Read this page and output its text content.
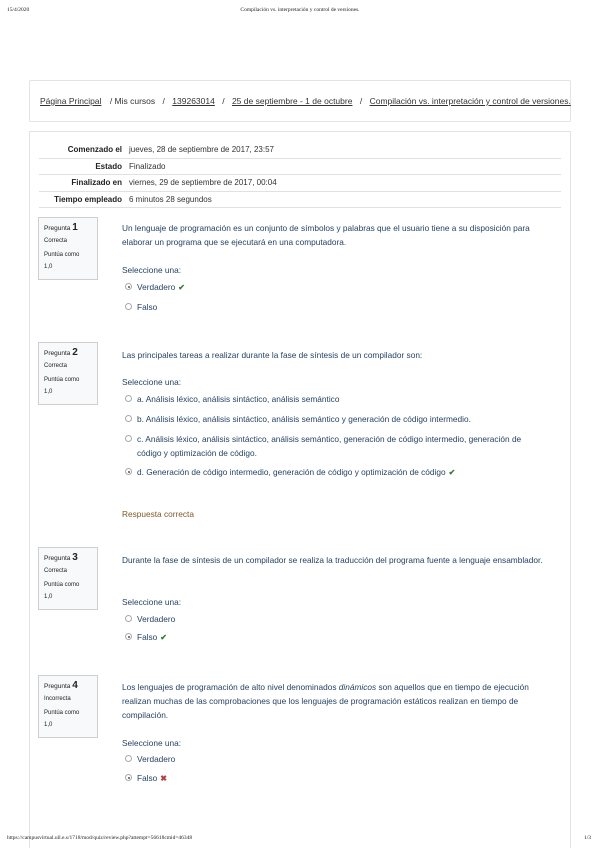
15/4/2020	Compilación vs. interpretación y control de versiones.
Página Principal / Mis cursos / 139263014 / 25 de septiembre - 1 de octubre / Compilación vs. interpretación y control de versiones.
Comenzado el	jueves, 28 de septiembre de 2017, 23:57
Estado	Finalizado
Finalizado en	viernes, 29 de septiembre de 2017, 00:04
Tiempo empleado	6 minutos 28 segundos
Pregunta 1
Correcta
Puntúa como
1,0
Un lenguaje de programación es un conjunto de símbolos y palabras que el usuario tiene a su disposición para elaborar un programa que se ejecutará en una computadora.
Seleccione una:
Verdadero ✔
Falso
Pregunta 2
Correcta
Puntúa como
1,0
Las principales tareas a realizar durante la fase de síntesis de un compilador son:
Seleccione una:
a. Análisis léxico, análisis sintáctico, análisis semántico
b. Análisis léxico, análisis sintáctico, análisis semántico y generación de código intermedio.
c. Análisis léxico, análisis sintáctico, análisis semántico, generación de código intermedio, generación de código y optimización de código.
d. Generación de código intermedio, generación de código y optimización de código ✔
Respuesta correcta
Pregunta 3
Correcta
Puntúa como
1,0
Durante la fase de síntesis de un compilador se realiza la traducción del programa fuente a lenguaje ensamblador.
Seleccione una:
Verdadero
Falso ✔
Pregunta 4
Incorrecta
Puntúa como
1,0
Los lenguajes de programación de alto nivel denominados dinámicos son aquellos que en tiempo de ejecución realizan muchas de las comprobaciones que los lenguajes de programación estáticos realizan en tiempo de compilación.
Seleccione una:
Verdadero
Falso ✖
https://campusvirtual.ull.e.s/1718/mod/quiz/review.php?attempt=56618cmid=46348	1/3
